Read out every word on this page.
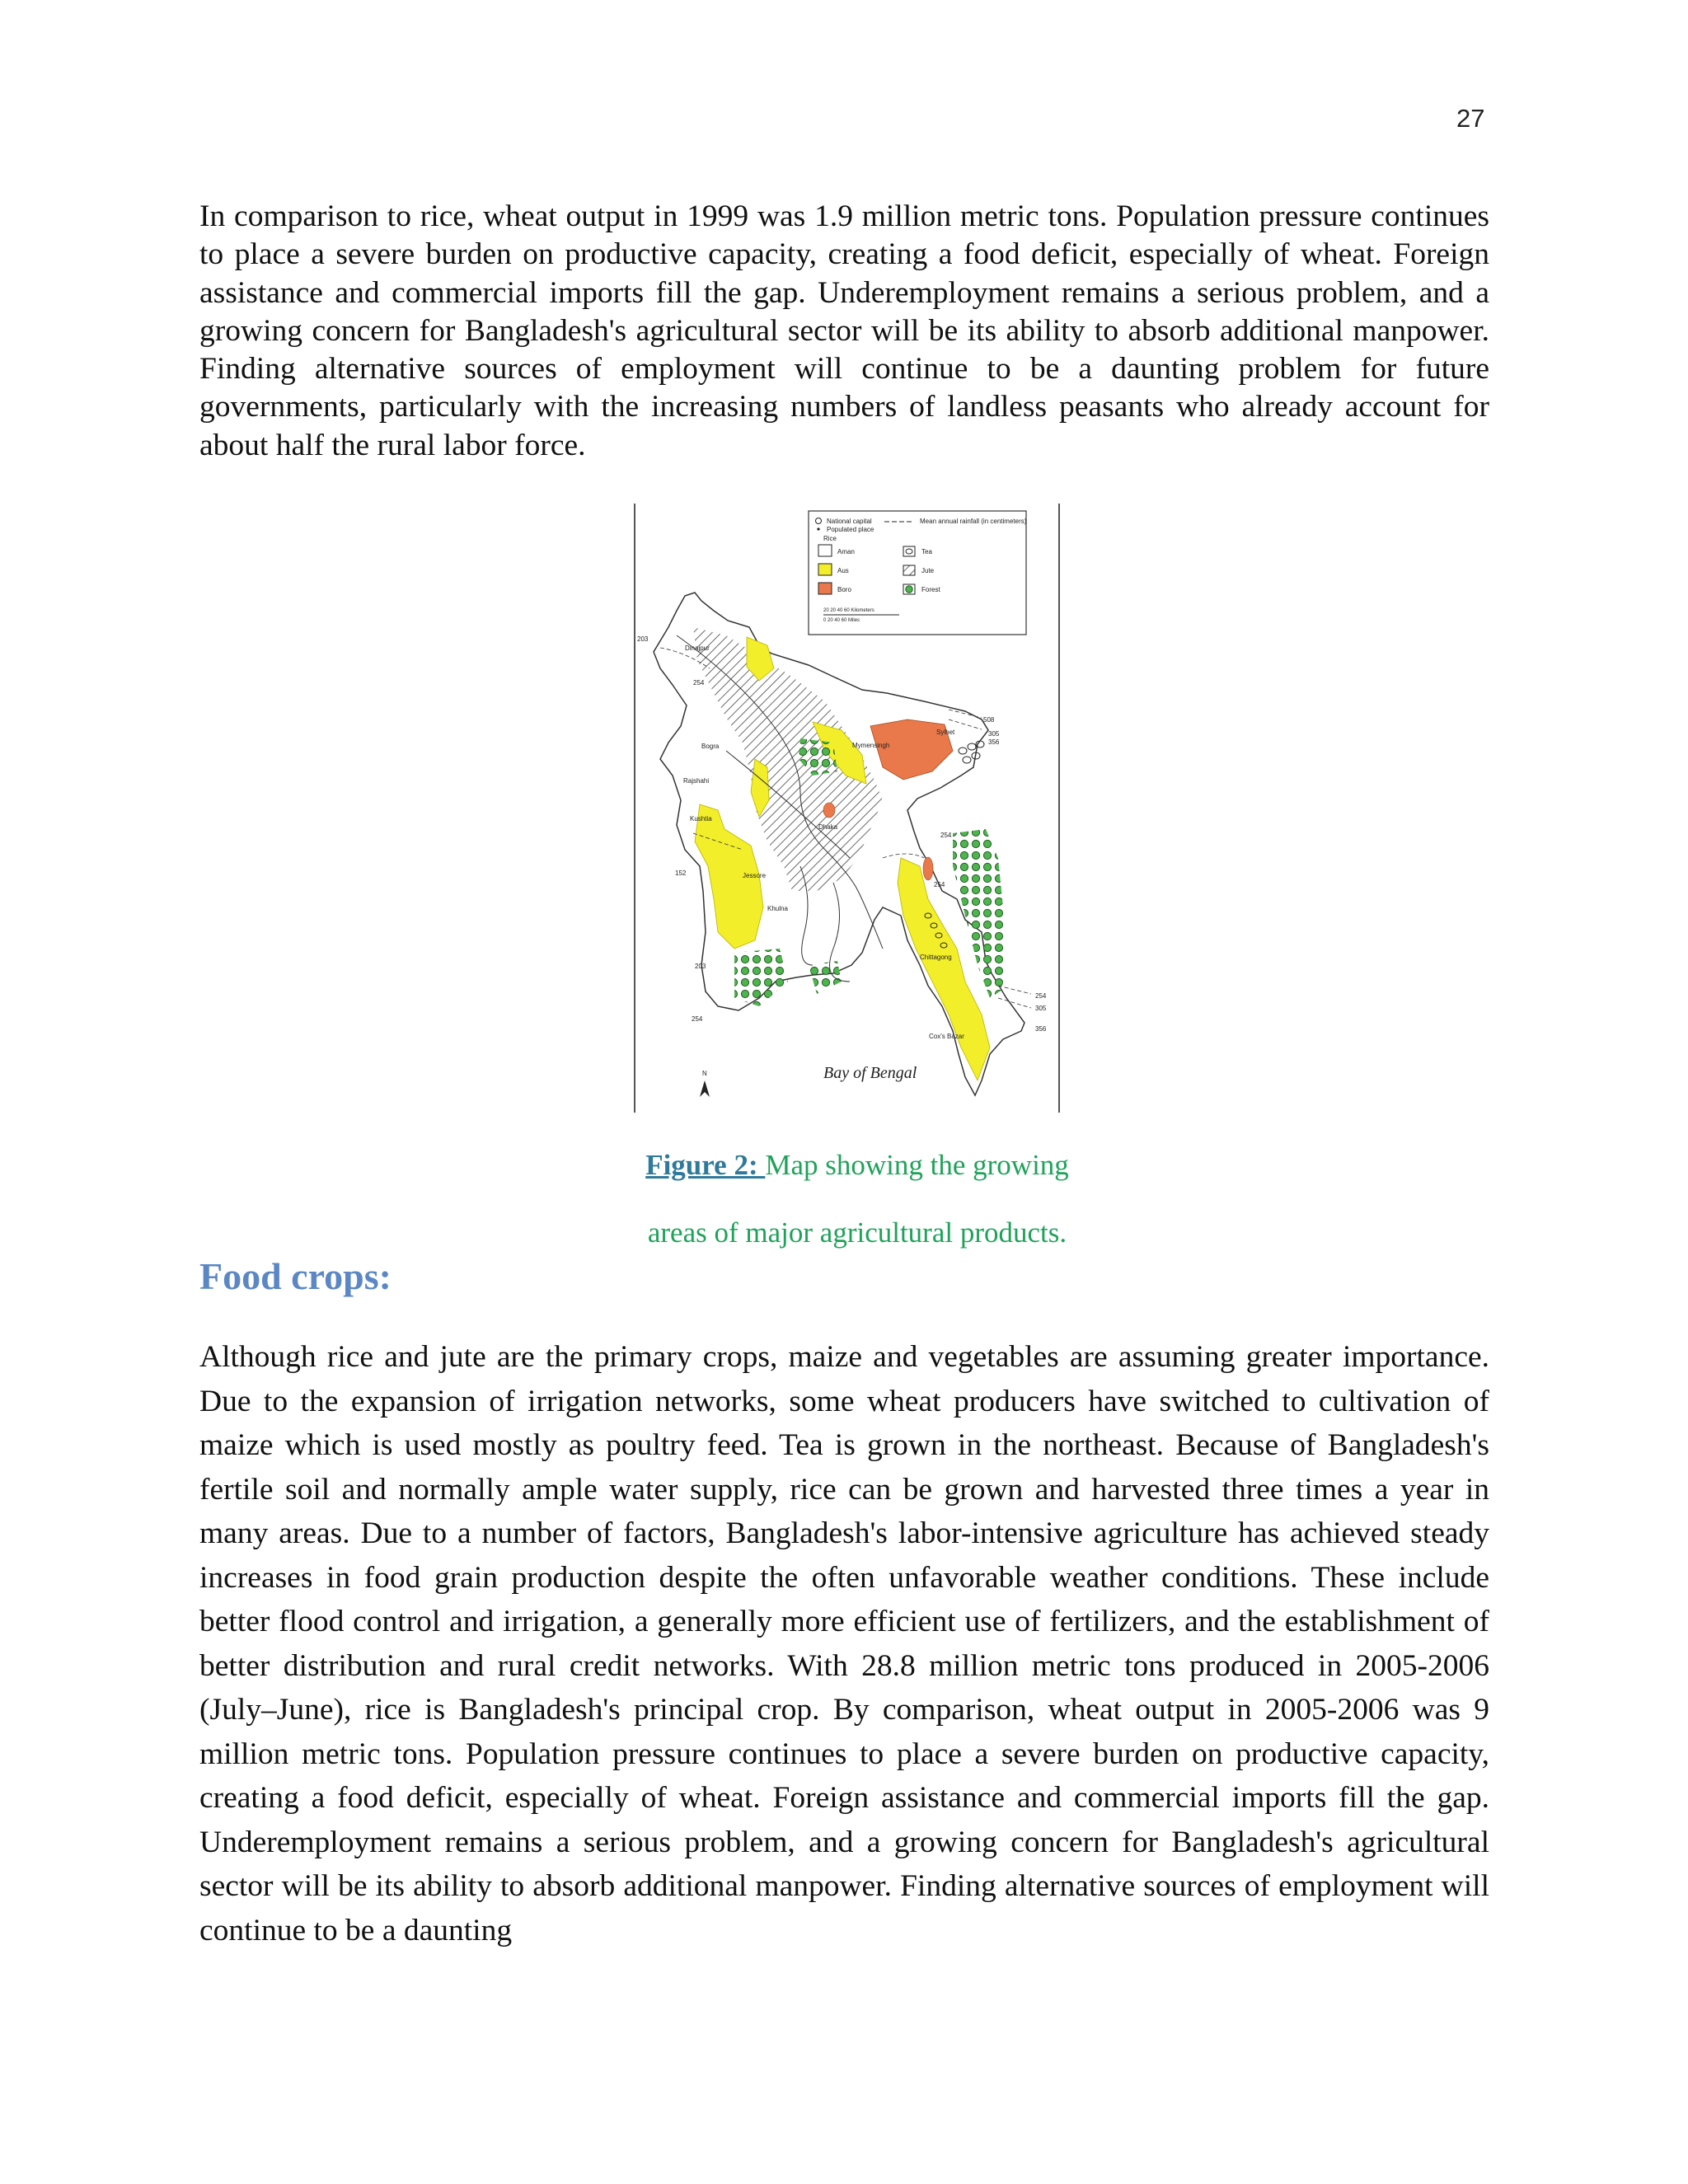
27

In comparison to rice, wheat output in 1999 was 1.9 million metric tons. Population pressure continues to place a severe burden on productive capacity, creating a food deficit, especially of wheat. Foreign assistance and commercial imports fill the gap. Underemployment remains a serious problem, and a growing concern for Bangladesh's agricultural sector will be its ability to absorb additional manpower. Finding alternative sources of employment will continue to be a daunting problem for future governments, particularly with the increasing numbers of landless peasants who already account for about half the rural labor force.

National capital
Populated place
Mean annual rainfall (in centimeters)
Rice
Aman
Aus
Boro
Tea
Jute
Forest
20 20 40 60 Kilometers
0 20 40 60 Miles
Dinajpur
Bogra
Rajshahi
Kushtia
Jessore
Khulna
Dhaka
Mymensingh
Sylhet
Chittagong
Cox's Bazar
203
152
254
254
508
305
356
254
254
203
254
305
356
Bay of Bengal
N
Figure 2: Map showing the growing
areas of major agricultural products.
Food crops:

Although rice and jute are the primary crops, maize and vegetables are assuming greater importance. Due to the expansion of irrigation networks, some wheat producers have switched to cultivation of maize which is used mostly as poultry feed. Tea is grown in the northeast. Because of Bangladesh's fertile soil and normally ample water supply, rice can be grown and harvested three times a year in many areas. Due to a number of factors, Bangladesh's labor-intensive agriculture has achieved steady increases in food grain production despite the often unfavorable weather conditions. These include better flood control and irrigation, a generally more efficient use of fertilizers, and the establishment of better distribution and rural credit networks. With 28.8 million metric tons produced in 2005-2006 (July–June), rice is Bangladesh's principal crop. By comparison, wheat output in 2005-2006 was 9 million metric tons. Population pressure continues to place a severe burden on productive capacity, creating a food deficit, especially of wheat. Foreign assistance and commercial imports fill the gap. Underemployment remains a serious problem, and a growing concern for Bangladesh's agricultural sector will be its ability to absorb additional manpower. Finding alternative sources of employment will continue to be a daunting
